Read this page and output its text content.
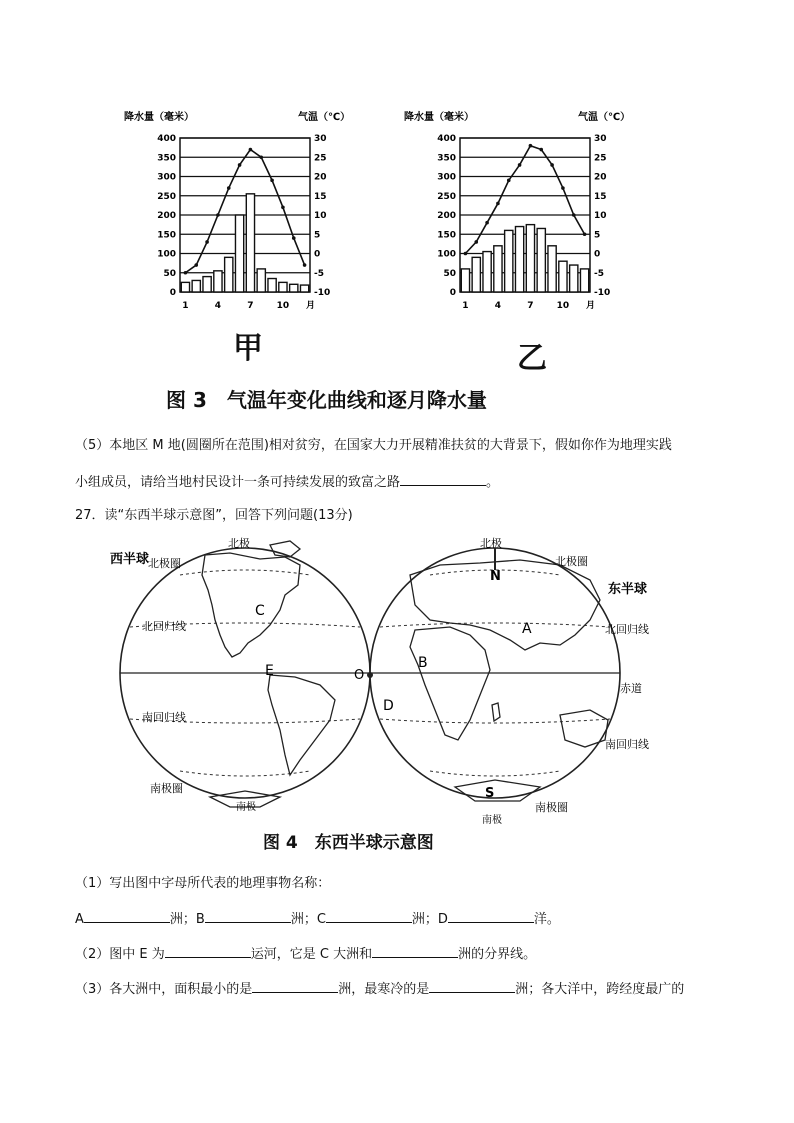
降水量（毫米）	气温（℃）
400	30
350	25
300	20
250	15
200	10
150	5
100	0
50	-5
0	-10
1	4	7	10 月
降水量（毫米）	气温（℃）
400	30
350	25
300	20
250	15
200	10
150	5
100	0
50	-5
0	-10
1	4	7	10 月
甲	乙
图 3　气温年变化曲线和逐月降水量
（5）本地区 M 地(圆圈所在范围)相对贫穷，在国家大力开展精准扶贫的大背景下，假如你作为地理实践
小组成员，请给当地村民设计一条可持续发展的致富之路	。
27．读“东西半球示意图”，回答下列问题(13分)
西半球
东半球
北极	北极
北极圈	北极圈
北回归线	北回归线
赤道
南回归线
南回归线
南极圈
南极圈
南极
南极
A
B
C
D
E
N
S
O
图 4　东西半球示意图
（1）写出图中字母所代表的地理事物名称：
A	洲；B	洲；C	洲；D	洋。
（2）图中 E 为	运河，它是 C 大洲和	洲的分界线。
（3）各大洲中，面积最小的是	洲，最寒冷的是	洲；各大洋中，跨经度最广的
